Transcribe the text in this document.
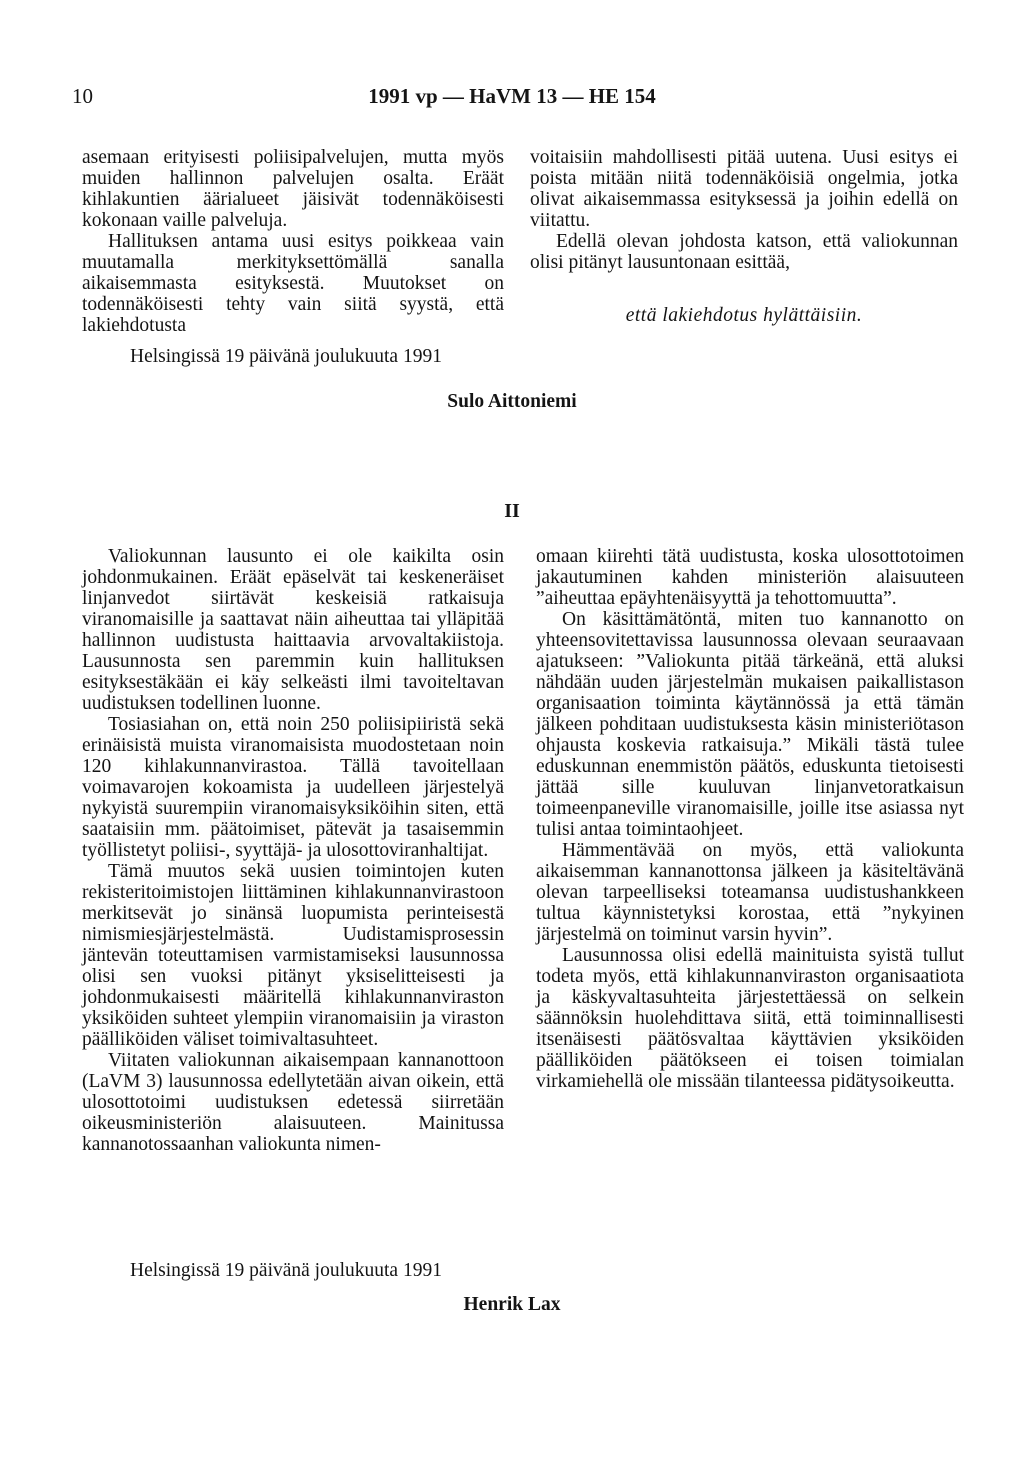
10	1991 vp — HaVM 13 — HE 154

asemaan erityisesti poliisipalvelujen, mutta myös muiden hallinnon palvelujen osalta. Eräät kihlakuntien äärialueet jäisivät todennäköisesti kokonaan vaille palveluja.

Hallituksen antama uusi esitys poikkeaa vain muutamalla merkityksettömällä sanalla aikaisemmasta esityksestä. Muutokset on todennäköisesti tehty vain siitä syystä, että lakiehdotusta

voitaisiin mahdollisesti pitää uutena. Uusi esitys ei poista mitään niitä todennäköisiä ongelmia, jotka olivat aikaisemmassa esityksessä ja joihin edellä on viitattu.

Edellä olevan johdosta katson, että valiokunnan olisi pitänyt lausuntonaan esittää,

että lakiehdotus hylättäisiin.

Helsingissä 19 päivänä joulukuuta 1991
Sulo Aittoniemi
II

Valiokunnan lausunto ei ole kaikilta osin johdonmukainen. Eräät epäselvät tai keskeneräiset linjanvedot siirtävät keskeisiä ratkaisuja viranomaisille ja saattavat näin aiheuttaa tai ylläpitää hallinnon uudistusta haittaavia arvovaltakiistoja. Lausunnosta sen paremmin kuin hallituksen esityksestäkään ei käy selkeästi ilmi tavoiteltavan uudistuksen todellinen luonne.

Tosiasiahan on, että noin 250 poliisipiiristä sekä erinäisistä muista viranomaisista muodostetaan noin 120 kihlakunnanvirastoa. Tällä tavoitellaan voimavarojen kokoamista ja uudelleen järjestelyä nykyistä suurempiin viranomaisyksiköihin siten, että saataisiin mm. päätoimiset, pätevät ja tasaisemmin työllistetyt poliisi-, syyttäjä- ja ulosottoviranhaltijat.

Tämä muutos sekä uusien toimintojen kuten rekisteritoimistojen liittäminen kihlakunnanvirastoon merkitsevät jo sinänsä luopumista perinteisestä nimismiesjärjestelmästä. Uudistamisprosessin jäntevän toteuttamisen varmistamiseksi lausunnossa olisi sen vuoksi pitänyt yksiselitteisesti ja johdonmukaisesti määritellä kihlakunnanviraston yksiköiden suhteet ylempiin viranomaisiin ja viraston päälliköiden väliset toimivaltasuhteet.

Viitaten valiokunnan aikaisempaan kannanottoon (LaVM 3) lausunnossa edellytetään aivan oikein, että ulosottotoimi uudistuksen edetessä siirretään oikeusministeriön alaisuuteen. Mainitussa kannanotossaanhan valiokunta nimen-

omaan kiirehti tätä uudistusta, koska ulosottotoimen jakautuminen kahden ministeriön alaisuuteen ”aiheuttaa epäyhtenäisyyttä ja tehottomuutta”.

On käsittämätöntä, miten tuo kannanotto on yhteensovitettavissa lausunnossa olevaan seuraavaan ajatukseen: ”Valiokunta pitää tärkeänä, että aluksi nähdään uuden järjestelmän mukaisen paikallistason organisaation toiminta käytännössä ja että tämän jälkeen pohditaan uudistuksesta käsin ministeriötason ohjausta koskevia ratkaisuja.” Mikäli tästä tulee eduskunnan enemmistön päätös, eduskunta tietoisesti jättää sille kuuluvan linjanvetoratkaisun toimeenpaneville viranomaisille, joille itse asiassa nyt tulisi antaa toimintaohjeet.

Hämmentävää on myös, että valiokunta aikaisemman kannanottonsa jälkeen ja käsiteltävänä olevan tarpeelliseksi toteamansa uudistushankkeen tultua käynnistetyksi korostaa, että ”nykyinen järjestelmä on toiminut varsin hyvin”.

Lausunnossa olisi edellä mainituista syistä tullut todeta myös, että kihlakunnanviraston organisaatiota ja käskyvaltasuhteita järjestettäessä on selkein säännöksin huolehdittava siitä, että toiminnallisesti itsenäisesti päätösvaltaa käyttävien yksiköiden päälliköiden päätökseen ei toisen toimialan virkamiehellä ole missään tilanteessa pidätysoikeutta.

Helsingissä 19 päivänä joulukuuta 1991
Henrik Lax
